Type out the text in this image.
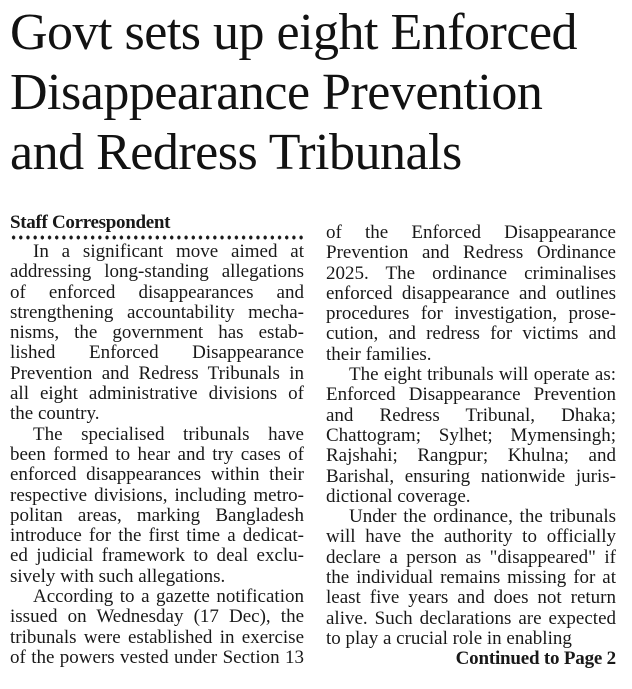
Govt sets up eight Enforced
Disappearance Prevention
and Redress Tribunals
Staff Correspondent
In a significant move aimed at
addressing long-standing allegations
of enforced disappearances and
strengthening accountability mecha-
nisms, the government has estab-
lished Enforced Disappearance
Prevention and Redress Tribunals in
all eight administrative divisions of
the country.
The specialised tribunals have
been formed to hear and try cases of
enforced disappearances within their
respective divisions, including metro-
politan areas, marking Bangladesh
introduce for the first time a dedicat-
ed judicial framework to deal exclu-
sively with such allegations.
According to a gazette notification
issued on Wednesday (17 Dec), the
tribunals were established in exercise
of the powers vested under Section 13
of the Enforced Disappearance
Prevention and Redress Ordinance
2025. The ordinance criminalises
enforced disappearance and outlines
procedures for investigation, prose-
cution, and redress for victims and
their families.
The eight tribunals will operate as:
Enforced Disappearance Prevention
and Redress Tribunal, Dhaka;
Chattogram; Sylhet; Mymensingh;
Rajshahi; Rangpur; Khulna; and
Barishal, ensuring nationwide juris-
dictional coverage.
Under the ordinance, the tribunals
will have the authority to officially
declare a person as "disappeared" if
the individual remains missing for at
least five years and does not return
alive. Such declarations are expected
to play a crucial role in enabling
Continued to Page 2
